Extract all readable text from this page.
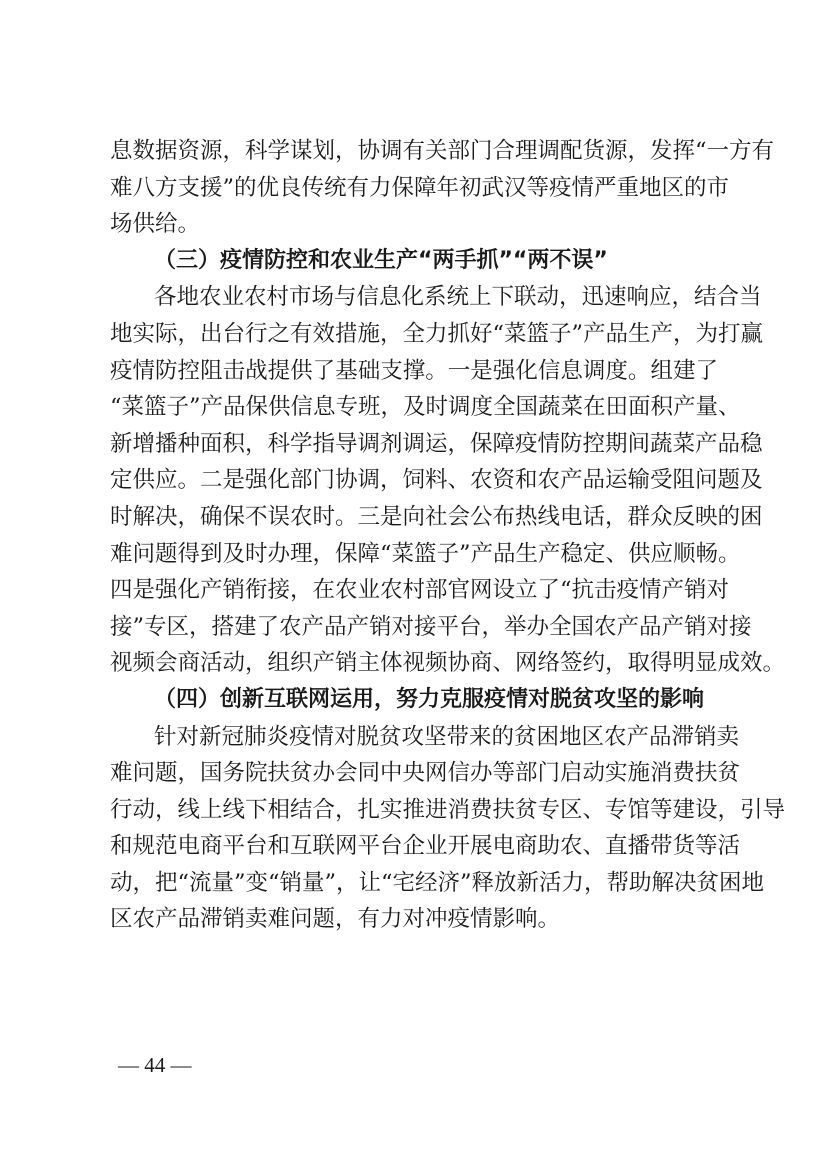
息数据资源，科学谋划，协调有关部门合理调配货源，发挥“一方有
难八方支援”的优良传统有力保障年初武汉等疫情严重地区的市
场供给。
（三）疫情防控和农业生产“两手抓”“两不误”
各地农业农村市场与信息化系统上下联动，迅速响应，结合当
地实际，出台行之有效措施，全力抓好“菜篮子”产品生产，为打赢
疫情防控阻击战提供了基础支撑。一是强化信息调度。组建了
“菜篮子”产品保供信息专班，及时调度全国蔬菜在田面积产量、
新增播种面积，科学指导调剂调运，保障疫情防控期间蔬菜产品稳
定供应。二是强化部门协调，饲料、农资和农产品运输受阻问题及
时解决，确保不误农时。三是向社会公布热线电话，群众反映的困
难问题得到及时办理，保障“菜篮子”产品生产稳定、供应顺畅。
四是强化产销衔接，在农业农村部官网设立了“抗击疫情产销对
接”专区，搭建了农产品产销对接平台，举办全国农产品产销对接
视频会商活动，组织产销主体视频协商、网络签约，取得明显成效。
（四）创新互联网运用，努力克服疫情对脱贫攻坚的影响
针对新冠肺炎疫情对脱贫攻坚带来的贫困地区农产品滞销卖
难问题，国务院扶贫办会同中央网信办等部门启动实施消费扶贫
行动，线上线下相结合，扎实推进消费扶贫专区、专馆等建设，引导
和规范电商平台和互联网平台企业开展电商助农、直播带货等活
动，把“流量”变“销量”，让“宅经济”释放新活力，帮助解决贫困地
区农产品滞销卖难问题，有力对冲疫情影响。
— 44 —
